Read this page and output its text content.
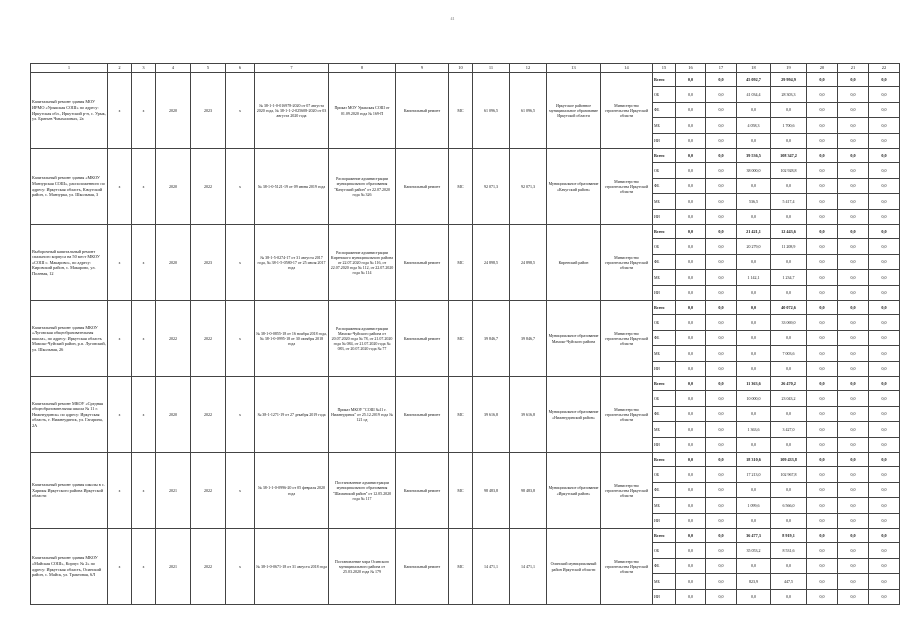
41
1	2	3	4	5	6	7	8	9	10	11	12	13	14	15	16	17	18	19	20	21	22
Капитальный ремонт здания МОУ ИРМО «Урыкская СОШ» по адресу: Иркутская обл., Иркутский р-н, с. Урык, ул. Братьев Чмыхаловых, 2а	х	х	2020	2023	х	№ 38-1-1-0-016978-2020 от 07 августа 2020 года, № 38-1-1-2-025608-2020 от 03 августа 2020 года	Приказ МОУ Урыкская СОШ от 01.09.2020 года № 169-П	Капитальный ремонт	МС	61 096,5	61 096,5	Иркутское районное муниципальное образование Иркутской области	Министерство строительства Иркутской области	Всего	0,0	0,0	45 092,7	29 994,9	0,0	0,0	0,0
														ОБ	0,0	0,0	41 034,4	28 303,3	0,0	0,0	0,0
														ФБ	0,0	0,0	0,0	0,0	0,0	0,0	0,0
														МБ	0,0	0,0	4 058,3	1 700,6	0,0	0,0	0,0
														ИИ	0,0	0,0	0,0	0,0	0,0	0,0	0,0
Капитальный ремонт здания «МКОУ Манзурская СОШ», расположенного по адресу: Иркутская область, Качугский район, с. Манзурка, ул. Школьная, 3	х	х	2020	2022	х	№ 38-1-0-5121-19 от 09 июня 2019 года	Распоряжение администрации муниципального образования "Качугский район" от 22.07.2020 года № 326	Капитальный ремонт	МС	92 071,3	92 071,3	Муниципальное образование «Качугский район»	Министерство строительства Иркутской области	Всего	0,0	0,0	39 536,5	108 347,2	0,0	0,0	0,0
														ОБ	0,0	0,0	38 000,0	102 928,8	0,0	0,0	0,0
														ФБ	0,0	0,0	0,0	0,0	0,0	0,0	0,0
														МБ	0,0	0,0	536,5	5 417,4	0,0	0,0	0,0
														ИИ	0,0	0,0	0,0	0,0	0,0	0,0	0,0
Выборочный капитальный ремонт спального корпуса на 50 мест МКОУ «СОШ с. Макарово», по адресу: Кировский район, с. Макарово, ул. Полевая, 12	х	х	2020	2023	х	№ 38-1-5-0274-17 от 31 августа 2017 года, № 38-1-5-0580-17 от 25 июля 2017 года	Распоряжение администрации Киренского муниципального района от 22.07.2020 года № 116, от 22.07.2020 года № 112, от 22.07.2020 года № 114	Капитальный ремонт	МС	24 898,5	24 898,5	Киренский район	Министерство строительства Иркутской области	Всего	0,0	0,0	21 421,1	12 443,6	0,0	0,0	0,0
														ОБ	0,0	0,0	20 279,0	11 208,9	0,0	0,0	0,0
														ФБ	0,0	0,0	0,0	0,0	0,0	0,0	0,0
														МБ	0,0	0,0	1 142,1	1 234,7	0,0	0,0	0,0
														ИИ	0,0	0,0	0,0	0,0	0,0	0,0	0,0
Капитальный ремонт здания МКОУ «Луговская общеобразовательная школа», по адресу: Иркутская область Мамско-Чуйский район, р.п. Луговский, ул. Школьная, 26	х	х	2022	2022	х	№ 38-1-0-0855-18 от 16 ноября 2018 года, № 38-1-0-0995-18 от 30 октября 2018 года	Распоряжения администрации Мамско-Чуйского района от 20.07.2020 года № 78, от 21.07.2020 года № 084, от 21.07.2020 года № 083, от 20.07.2020 года № 77	Капитальный ремонт	МС	39 846,7	39 846,7	Муниципальное образование Мамско-Чуйского района	Министерство строительства Иркутской области	Всего	0,0	0,0	0,0	40 072,6	0,0	0,0	0,0
														ОБ	0,0	0,0	0,0	33 069,0	0,0	0,0	0,0
														ФБ	0,0	0,0	0,0	0,0	0,0	0,0	0,0
														МБ	0,0	0,0	0,0	7 003,6	0,0	0,0	0,0
														ИИ	0,0	0,0	0,0	0,0	0,0	0,0	0,0
Капитальный ремонт МКОУ «Средняя общеобразовательная школа № 11 г. Нижнеудинск» по адресу: Иркутская область, г. Нижнеудинск, ул. Гагарина, 2А	х	х	2020	2022	х	№ 38-1-1271-19 от 27 декабря 2019 года	Приказ МКОУ "СОШ №11 г. Нижнеудинск" от 25.12.2019 года № 121 од	Капитальный ремонт	МС	39 616,8	39 616,8	Муниципальное образование «Нижнеудинский район»	Министерство строительства Иркутской области	Всего	0,0	0,0	11 363,6	26 470,2	0,0	0,0	0,0
														ОБ	0,0	0,0	10 000,0	23 043,2	0,0	0,0	0,0
														ФБ	0,0	0,0	0,0	0,0	0,0	0,0	0,0
														МБ	0,0	0,0	1 363,6	3 427,0	0,0	0,0	0,0
														ИИ	0,0	0,0	0,0	0,0	0,0	0,0	0,0
Капитальный ремонт здания школы в с. Харикы Иркутского района Иркутской области	х	х	2021	2022	х	№ 38-1-1-0-0996-20 от 05 февраля 2020 года	Постановление администрации муниципального образования "Шаманский район" от 12.05.2020 года № 117	Капитальный ремонт	МС	98 483,8	98 483,8	Муниципальное образование «Иркутский район»	Министерство строительства Иркутской области	Всего	0,0	0,0	18 310,6	109 433,8	0,0	0,0	0,0
														ОБ	0,0	0,0	17 213,0	102 967,8	0,0	0,0	0,0
														ФБ	0,0	0,0	0,0	0,0	0,0	0,0	0,0
														МБ	0,0	0,0	1 099,6	6 566,0	0,0	0,0	0,0
														ИИ	0,0	0,0	0,0	0,0	0,0	0,0	0,0
Капитальный ремонт здания МКОУ «Майская СОШ», Корпус № 2» по адресу: Иркутская область, Осинский район, с. Майск, ул. Трактовая, 6Л	х	х	2021	2022	х	№ 38-1-0-0671-18 от 31 августа 2018 года	Постановление мэра Осинского муниципального района от 25.03.2020 года № 179	Капитальный ремонт	МС	14 471,1	14 471,1	Осинский муниципальный район Иркутской области	Министерство строительства Иркутской области	Всего	0,0	0,0	36 477,3	8 919,1	0,0	0,0	0,0
														ОБ	0,0	0,0	35 053,2	8 531,6	0,0	0,0	0,0
														ФБ	0,0	0,0	0,0	0,0	0,0	0,0	0,0
														МБ	0,0	0,0	823,9	447,5	0,0	0,0	0,0
														ИИ	0,0	0,0	0,0	0,0	0,0	0,0	0,0
